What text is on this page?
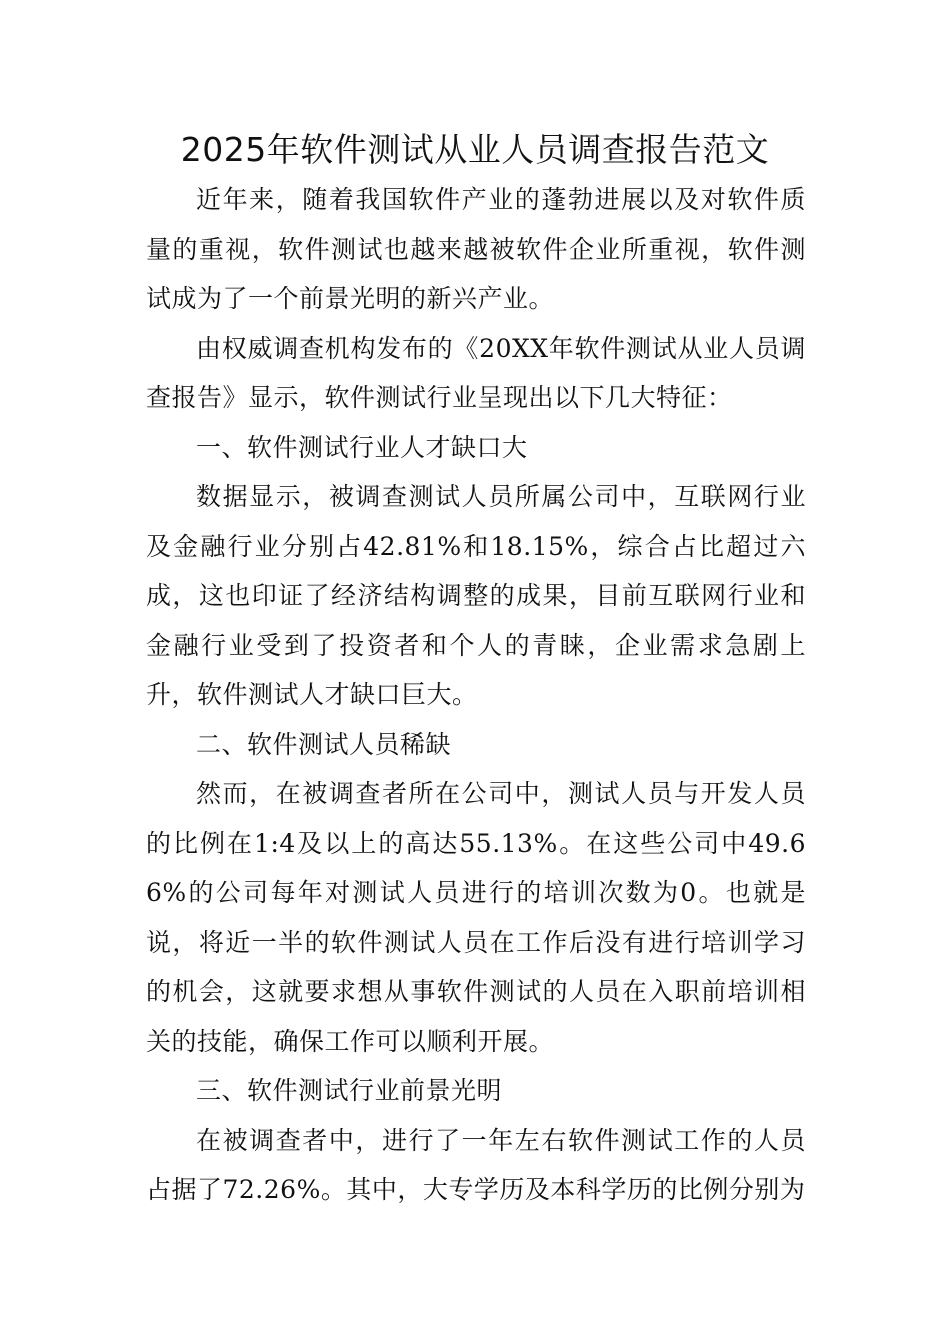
2025年软件测试从业人员调查报告范文

近年来，随着我国软件产业的蓬勃进展以及对软件质量的重视，软件测试也越来越被软件企业所重视，软件测试成为了一个前景光明的新兴产业。

由权威调查机构发布的《20XX年软件测试从业人员调查报告》显示，软件测试行业呈现出以下几大特征：

一、软件测试行业人才缺口大

数据显示，被调查测试人员所属公司中，互联网行业及金融行业分别占42.81%和18.15%，综合占比超过六成，这也印证了经济结构调整的成果，目前互联网行业和金融行业受到了投资者和个人的青睐，企业需求急剧上升，软件测试人才缺口巨大。

二、软件测试人员稀缺

然而，在被调查者所在公司中，测试人员与开发人员的比例在1:4及以上的高达55.13%。在这些公司中49.66%的公司每年对测试人员进行的培训次数为0。也就是说，将近一半的软件测试人员在工作后没有进行培训学习的机会，这就要求想从事软件测试的人员在入职前培训相关的技能，确保工作可以顺利开展。

三、软件测试行业前景光明

在被调查者中，进行了一年左右软件测试工作的人员占据了72.26%。其中，大专学历及本科学历的比例分别为
